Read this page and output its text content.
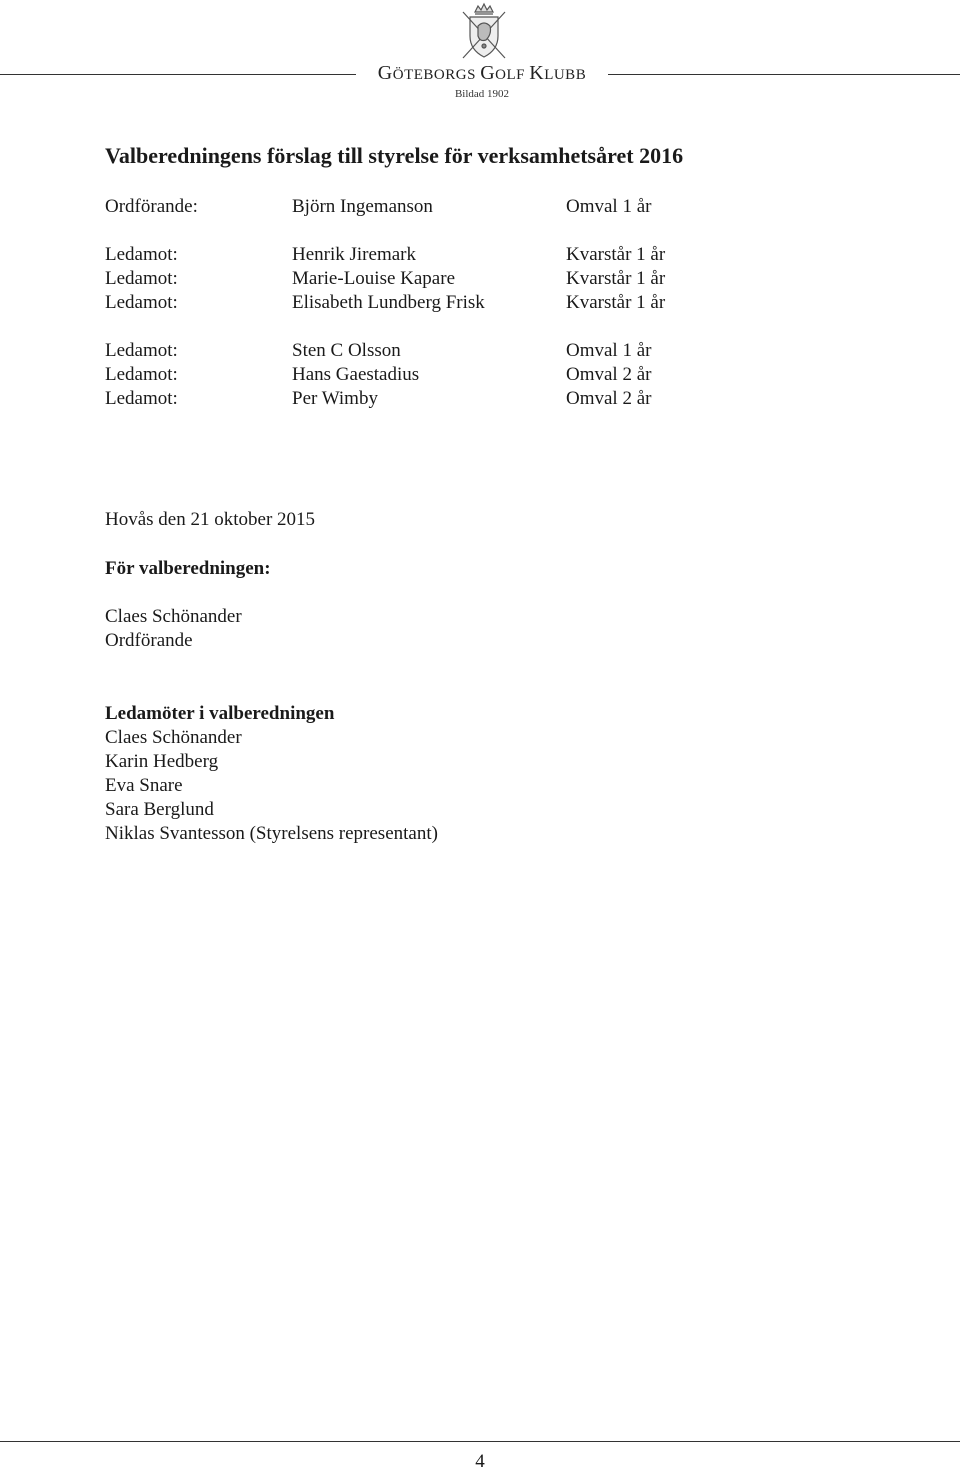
GÖTEBORGS GOLF KLUBB
Bildad 1902
Valberedningens förslag till styrelse för verksamhetsåret 2016
Ordförande:	Björn Ingemanson	Omval 1 år
Ledamot:	Henrik Jiremark	Kvarstår 1 år
Ledamot:	Marie-Louise Kapare	Kvarstår 1 år
Ledamot:	Elisabeth Lundberg Frisk	Kvarstår 1 år
Ledamot:	Sten C Olsson	Omval 1 år
Ledamot:	Hans Gaestadius	Omval 2 år
Ledamot:	Per Wimby	Omval 2 år
Hovås den 21 oktober 2015
För valberedningen:
Claes Schönander
Ordförande
Ledamöter i valberedningen
Claes Schönander
Karin Hedberg
Eva Snare
Sara Berglund
Niklas Svantesson (Styrelsens representant)
4
